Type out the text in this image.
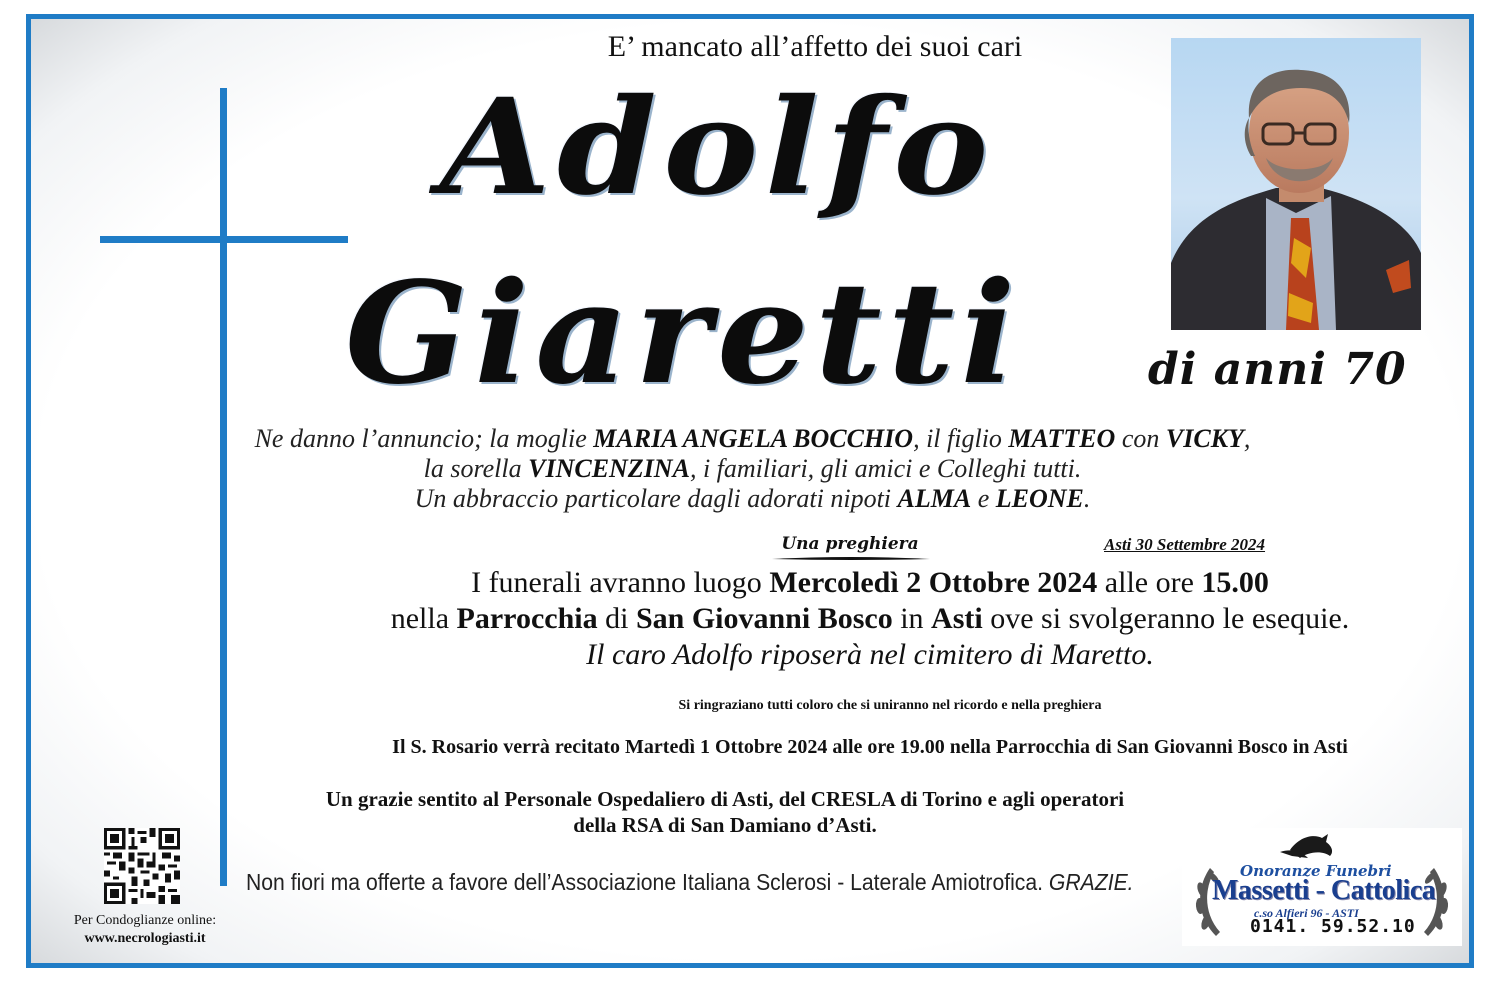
E’ mancato all’affetto dei suoi cari
Adolfo
Giaretti	di anni 70
Ne danno l’annuncio; la moglie MARIA ANGELA BOCCHIO, il figlio MATTEO con VICKY,
la sorella VINCENZINA, i familiari, gli amici e Colleghi tutti.
Un abbraccio particolare dagli adorati nipoti ALMA e LEONE.
Una preghiera	Asti 30 Settembre 2024
I funerali avranno luogo Mercoledì 2 Ottobre 2024 alle ore 15.00
nella Parrocchia di San Giovanni Bosco in Asti ove si svolgeranno le esequie.
Il caro Adolfo riposerà nel cimitero di Maretto.
Si ringraziano tutti coloro che si uniranno nel ricordo e nella preghiera
Il S. Rosario verrà recitato Martedì 1 Ottobre 2024 alle ore 19.00 nella Parrocchia di San Giovanni Bosco in Asti
Un grazie sentito al Personale Ospedaliero di Asti, del CRESLA di Torino e agli operatori
della RSA di San Damiano d’Asti.
Non fiori ma offerte a favore dell’Associazione Italiana Sclerosi - Laterale Amiotrofica. GRAZIE.
Per Condoglianze online:
www.necrologiasti.it
Onoranze Funebri
Massetti - Cattolica
c.so Alfieri 96 - ASTI
0141. 59.52.10
